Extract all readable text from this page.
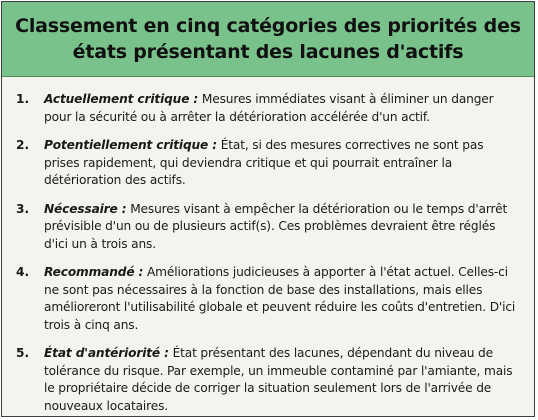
Classement en cinq catégories des priorités des états présentant des lacunes d'actifs
1.	Actuellement critique : Mesures immédiates visant à éliminer un danger pour la sécurité ou à arrêter la détérioration accélérée d'un actif.
2.	Potentiellement critique : État, si des mesures correctives ne sont pas prises rapidement, qui deviendra critique et qui pourrait entraîner la détérioration des actifs.
3.	Nécessaire : Mesures visant à empêcher la détérioration ou le temps d'arrêt prévisible d'un ou de plusieurs actif(s). Ces problèmes devraient être réglés d'ici un à trois ans.
4.	Recommandé : Améliorations judicieuses à apporter à l'état actuel. Celles-ci ne sont pas nécessaires à la fonction de base des installations, mais elles amélioreront l'utilisabilité globale et peuvent réduire les coûts d'entretien. D'ici trois à cinq ans.
5.	État d'antériorité : État présentant des lacunes, dépendant du niveau de tolérance du risque. Par exemple, un immeuble contaminé par l'amiante, mais le propriétaire décide de corriger la situation seulement lors de l'arrivée de nouveaux locataires.
